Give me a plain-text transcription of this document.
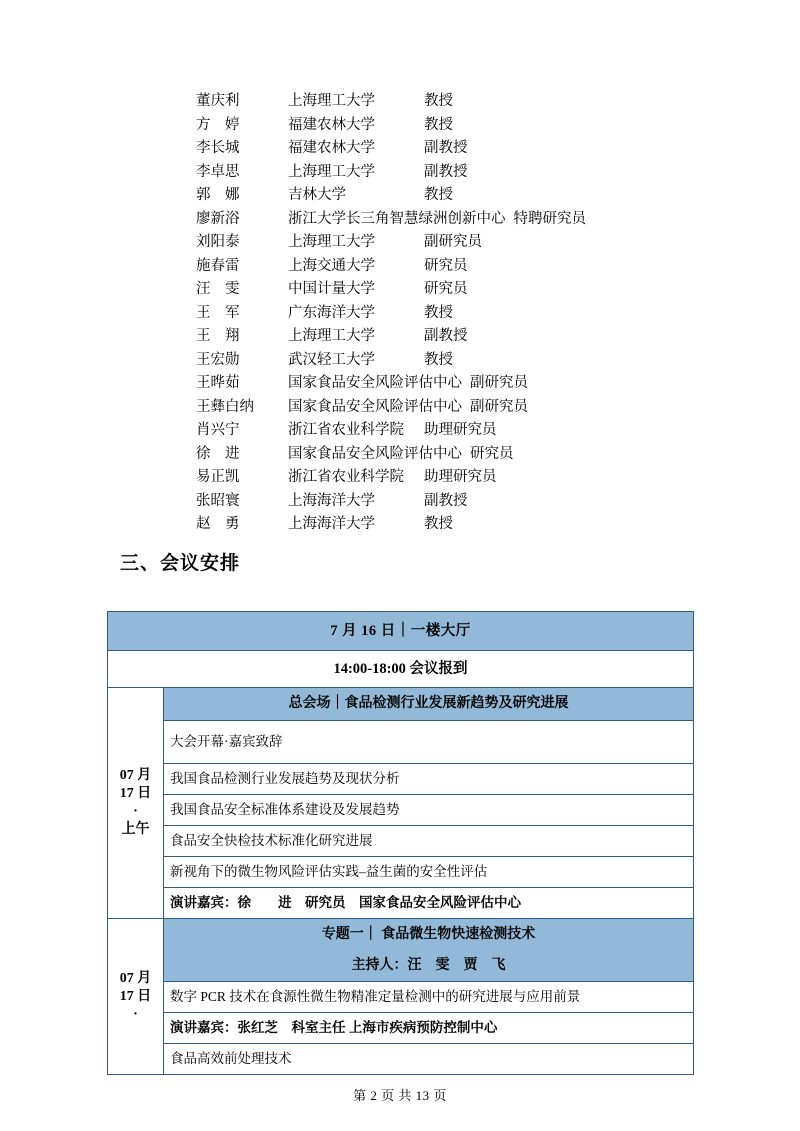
董庆利	上海理工大学	教授
方　婷	福建农林大学	教授
李长城	福建农林大学	副教授
李卓思	上海理工大学	副教授
郭　娜	吉林大学	教授
廖新浴	浙江大学长三角智慧绿洲创新中心 特聘研究员
刘阳泰	上海理工大学	副研究员
施春雷	上海交通大学	研究员
汪　雯	中国计量大学	研究员
王　军	广东海洋大学	教授
王　翔	上海理工大学	副教授
王宏勋	武汉轻工大学	教授
王晔茹	国家食品安全风险评估中心 副研究员
王彝白纳	国家食品安全风险评估中心 副研究员
肖兴宁	浙江省农业科学院	助理研究员
徐　进	国家食品安全风险评估中心 研究员
易正凯	浙江省农业科学院	助理研究员
张昭寰	上海海洋大学	副教授
赵　勇	上海海洋大学	教授
三、会议安排
7 月 16 日｜一楼大厅	
14:00-18:00 会议报到	

07 月
17 日
·
上午	总会场｜食品检测行业发展新趋势及研究进展
	大会开幕·嘉宾致辞
	我国食品检测行业发展趋势及现状分析
	我国食品安全标准体系建设及发展趋势
	食品安全快检技术标准化研究进展
	新视角下的微生物风险评估实践–益生菌的安全性评估
	演讲嘉宾：徐　　进　研究员　国家食品安全风险评估中心

07 月
17 日
·	专题一｜ 食品微生物快速检测技术
	主持人：汪　雯　贾　飞
	数字 PCR 技术在食源性微生物精准定量检测中的研究进展与应用前景
	演讲嘉宾：张红芝　科室主任 上海市疾病预防控制中心
	食品高效前处理技术
第 2 页 共 13 页
